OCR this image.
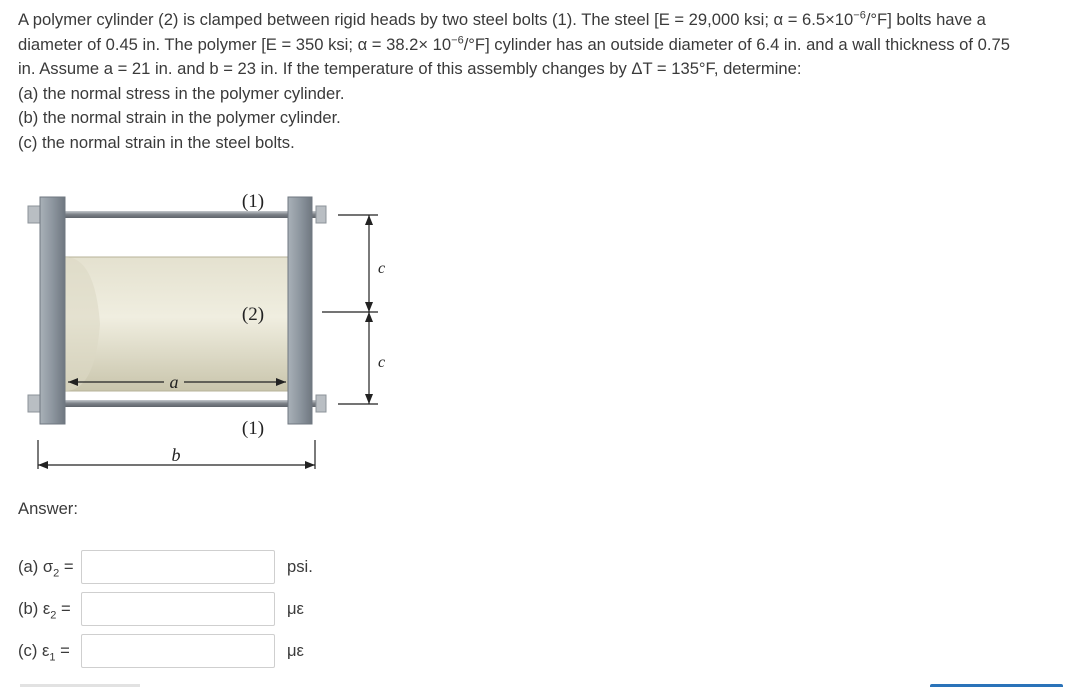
A polymer cylinder (2) is clamped between rigid heads by two steel bolts (1). The steel [E = 29,000 ksi; $\alpha = 6.5\times 10^{-6}/^\circ F$] bolts have a

diameter of 0.45 in. The polymer [E = 350 ksi; $\alpha = 38.2\times 10^{-6}/^\circ F$] cylinder has an outside diameter of 6.4 in. and a wall thickness of 0.75

in. Assume a = 21 in. and b = 23 in. If the temperature of this assembly changes by ΔT = 135°F, determine:

(a) the normal stress in the polymer cylinder.

(b) the normal strain in the polymer cylinder.

(c) the normal strain in the steel bolts.

(1)
(2)
(1)
a
b
c
c
Answer:
(a) $\sigma_2$ =	psi.
(b) $\varepsilon_2$ =	με
(c) $\varepsilon_1$ =	με
